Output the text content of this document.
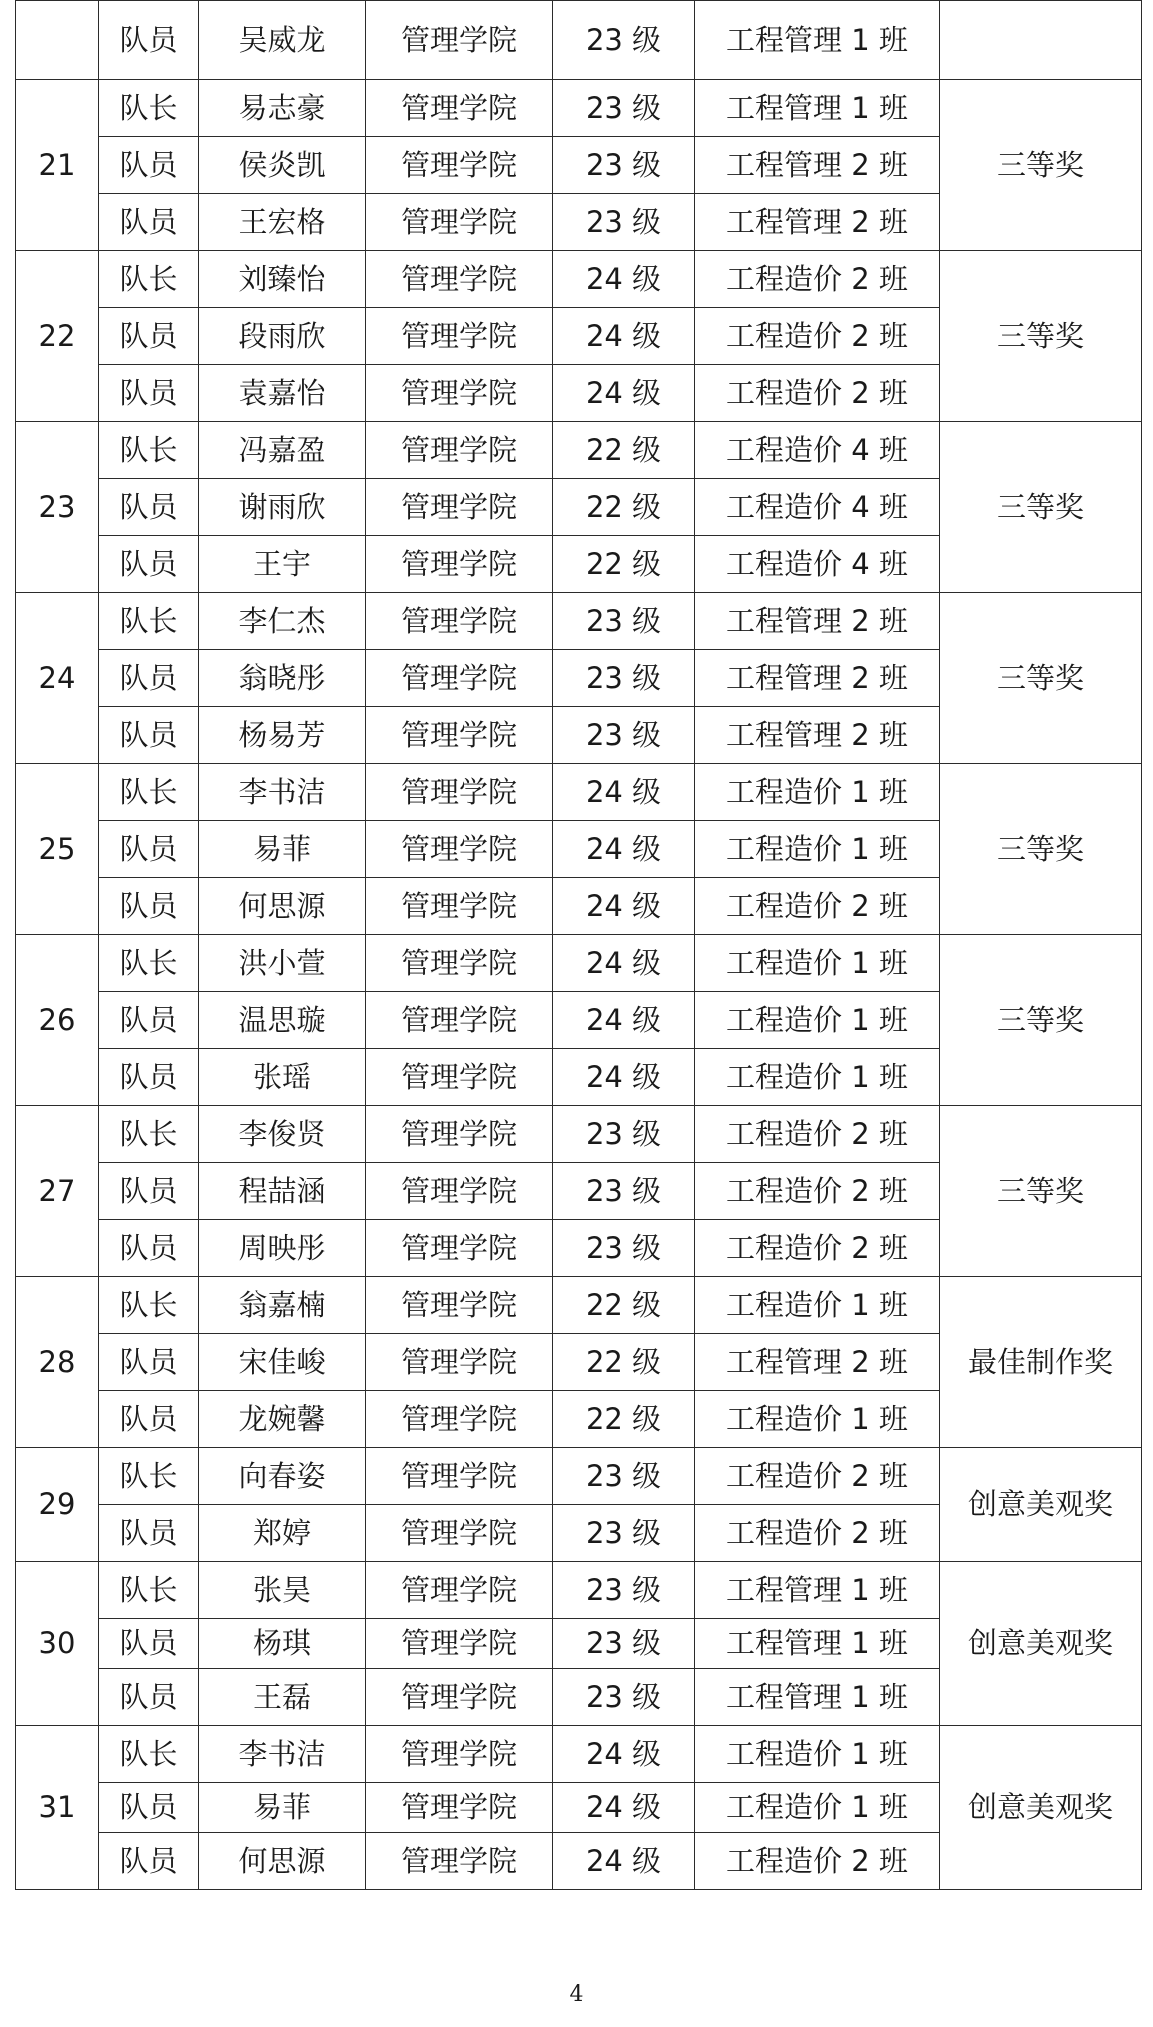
	队员	吴威龙	管理学院	23 级	工程管理 1 班	
21	队长	易志豪	管理学院	23 级	工程管理 1 班	三等奖
	队员	侯炎凯	管理学院	23 级	工程管理 2 班	
	队员	王宏格	管理学院	23 级	工程管理 2 班	
22	队长	刘臻怡	管理学院	24 级	工程造价 2 班	三等奖
	队员	段雨欣	管理学院	24 级	工程造价 2 班	
	队员	袁嘉怡	管理学院	24 级	工程造价 2 班	
23	队长	冯嘉盈	管理学院	22 级	工程造价 4 班	三等奖
	队员	谢雨欣	管理学院	22 级	工程造价 4 班	
	队员	王宇	管理学院	22 级	工程造价 4 班	
24	队长	李仁杰	管理学院	23 级	工程管理 2 班	三等奖
	队员	翁晓彤	管理学院	23 级	工程管理 2 班	
	队员	杨易芳	管理学院	23 级	工程管理 2 班	
25	队长	李书洁	管理学院	24 级	工程造价 1 班	三等奖
	队员	易菲	管理学院	24 级	工程造价 1 班	
	队员	何思源	管理学院	24 级	工程造价 2 班	
26	队长	洪小萱	管理学院	24 级	工程造价 1 班	三等奖
	队员	温思璇	管理学院	24 级	工程造价 1 班	
	队员	张瑶	管理学院	24 级	工程造价 1 班	
27	队长	李俊贤	管理学院	23 级	工程造价 2 班	三等奖
	队员	程喆涵	管理学院	23 级	工程造价 2 班	
	队员	周映彤	管理学院	23 级	工程造价 2 班	
28	队长	翁嘉楠	管理学院	22 级	工程造价 1 班	最佳制作奖
	队员	宋佳峻	管理学院	22 级	工程管理 2 班	
	队员	龙婉馨	管理学院	22 级	工程造价 1 班	
29	队长	向春姿	管理学院	23 级	工程造价 2 班	创意美观奖
	队员	郑婷	管理学院	23 级	工程造价 2 班	
30	队长	张昊	管理学院	23 级	工程管理 1 班	创意美观奖
	队员	杨琪	管理学院	23 级	工程管理 1 班	
	队员	王磊	管理学院	23 级	工程管理 1 班	
31	队长	李书洁	管理学院	24 级	工程造价 1 班	创意美观奖
	队员	易菲	管理学院	24 级	工程造价 1 班	
	队员	何思源	管理学院	24 级	工程造价 2 班	
4
